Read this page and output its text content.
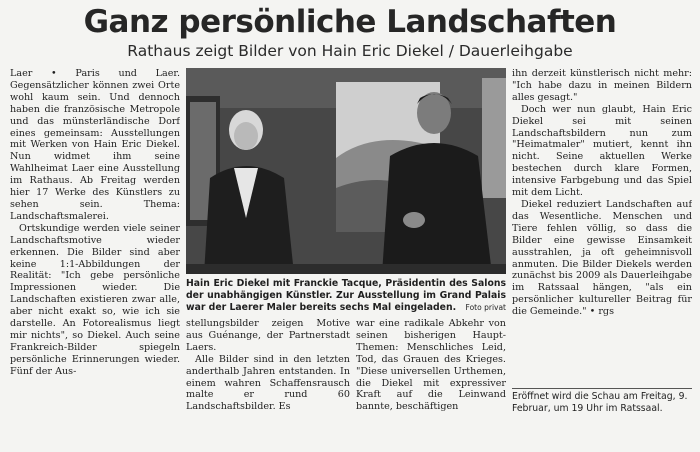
Ganz persönliche Landschaften
Rathaus zeigt Bilder von Hain Eric Diekel / Dauerleihgabe

Laer • Paris und Laer. Gegensätzlicher können zwei Orte wohl kaum sein. Und dennoch haben die französische Metropole und das münsterländische Dorf eines gemeinsam: Ausstellungen mit Werken von Hain Eric Diekel. Nun widmet ihm seine Wahlheimat Laer eine Ausstellung im Rathaus. Ab Freitag werden hier 17 Werke des Künstlers zu sehen sein. Thema: Landschaftsmalerei.

Ortskundige werden viele seiner Landschaftsmotive wieder erkennen. Die Bilder sind aber keine 1:1-Abbildungen der Realität: "Ich gebe persönliche Impressionen wieder. Die Landschaften existieren zwar alle, aber nicht exakt so, wie ich sie darstelle. An Fotorealismus liegt mir nichts", so Diekel. Auch seine Frankreich-Bilder spiegeln persönliche Erinnerungen wieder. Fünf der Aus-

Hain Eric Diekel mit Franckie Tacque, Präsidentin des Salons der unabhängigen Künstler. Zur Ausstellung im Grand Palais war der Laerer Maler bereits sechs Mal eingeladen. Foto privat

stellungsbilder zeigen Motive aus Guénange, der Partnerstadt Laers.

Alle Bilder sind in den letzten anderthalb Jahren entstanden. In einem wahren Schaffensrausch malte er rund 60 Landschaftsbilder. Es

war eine radikale Abkehr von seinen bisherigen Haupt-Themen: Menschliches Leid, Tod, das Grauen des Krieges. "Diese universellen Urthemen, die Diekel mit expressiver Kraft auf die Leinwand bannte, beschäftigen

ihn derzeit künstlerisch nicht mehr: "Ich habe dazu in meinen Bildern alles gesagt."

Doch wer nun glaubt, Hain Eric Diekel sei mit seinen Landschaftsbildern nun zum "Heimatmaler" mutiert, kennt ihn nicht. Seine aktuellen Werke bestechen durch klare Formen, intensive Farbgebung und das Spiel mit dem Licht.

Diekel reduziert Landschaften auf das Wesentliche. Menschen und Tiere fehlen völlig, so dass die Bilder eine gewisse Einsamkeit ausstrahlen, ja oft geheimnisvoll anmuten. Die Bilder Diekels werden zunächst bis 2009 als Dauerleihgabe im Ratssaal hängen, "als ein persönlicher kultureller Beitrag für die Gemeinde." • rgs

Eröffnet wird die Schau am Freitag, 9. Februar, um 19 Uhr im Ratssaal.
